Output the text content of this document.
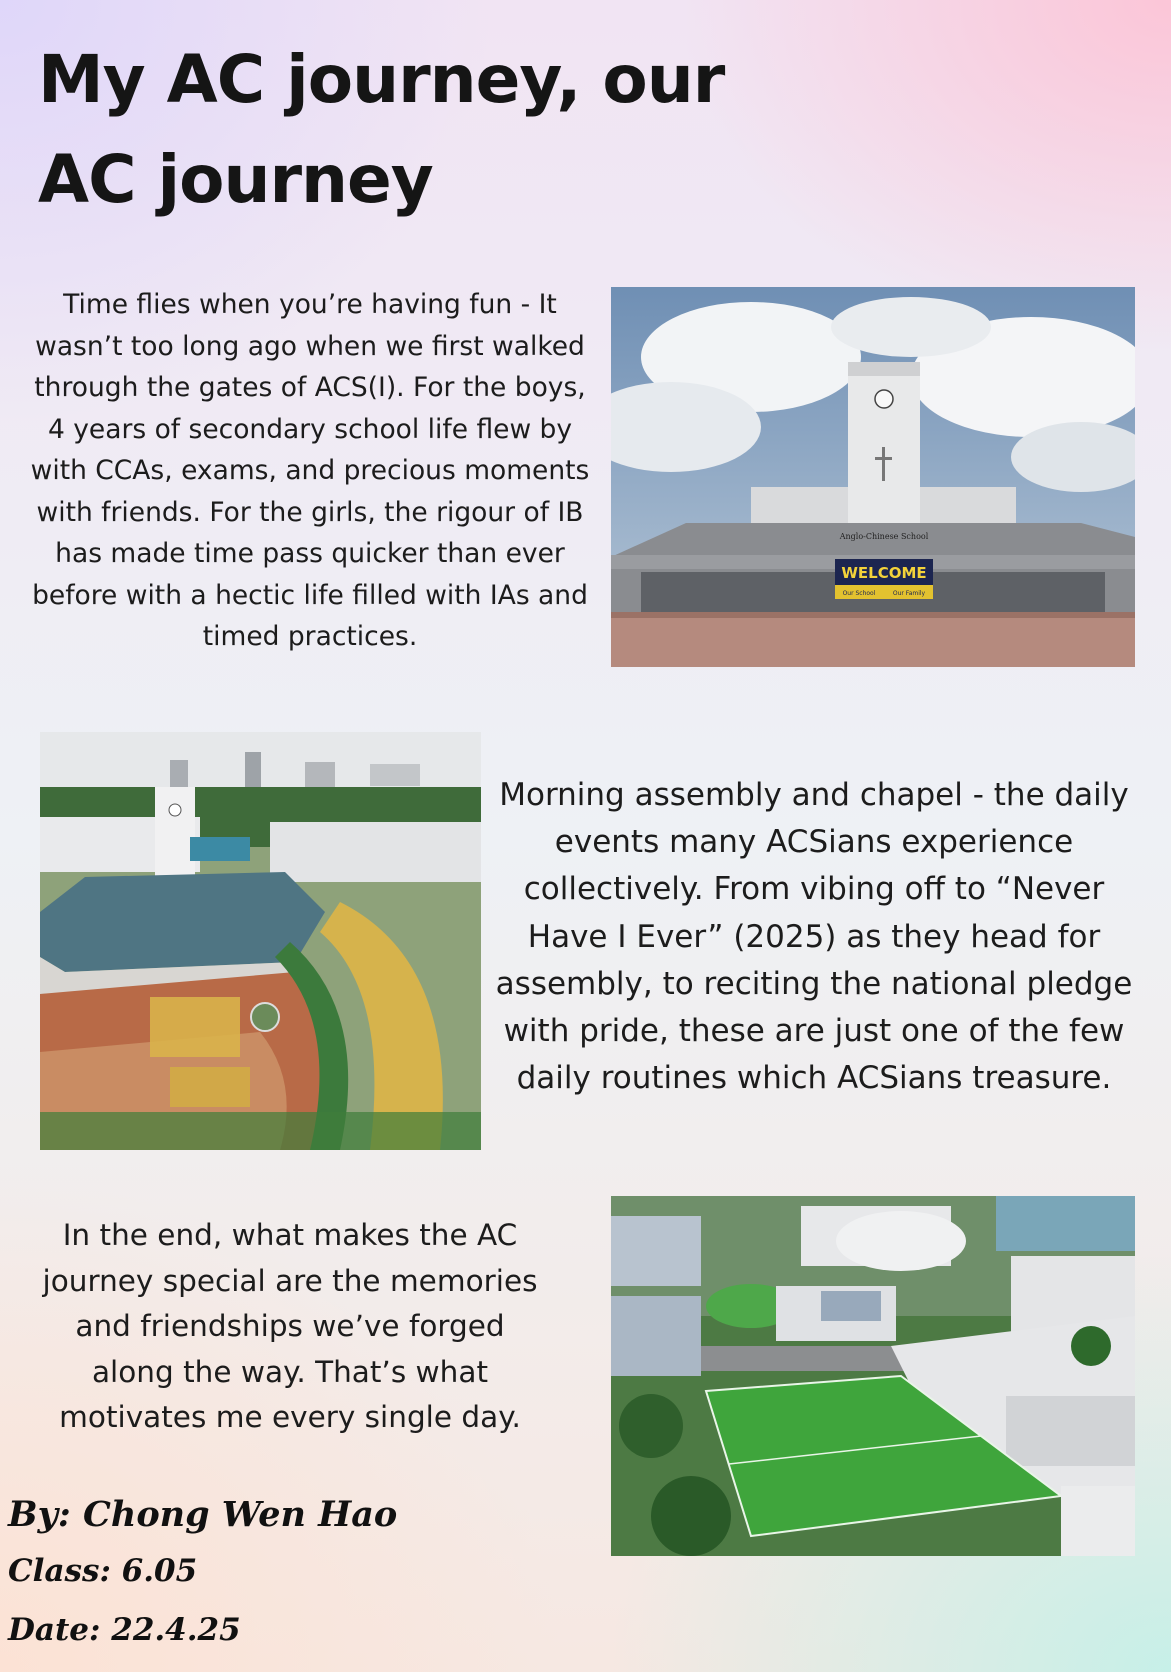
My AC journey, our
AC journey

Time flies when you’re having fun - It wasn’t too long ago when we first walked through the gates of ACS(I). For the boys, 4 years of secondary school life flew by with CCAs, exams, and precious moments with friends. For the girls, the rigour of IB has made time pass quicker than ever before with a hectic life filled with IAs and timed practices.

Anglo-Chinese School
WELCOME
Our School	Our Family

Morning assembly and chapel - the daily events many ACSians experience collectively. From vibing off to “Never Have I Ever” (2025) as they head for assembly, to reciting the national pledge with pride, these are just one of the few daily routines which ACSians treasure.

In the end, what makes the AC journey special are the memories and friendships we’ve forged along the way. That’s what motivates me every single day.

By: Chong Wen Hao

Class: 6.05

Date: 22.4.25
